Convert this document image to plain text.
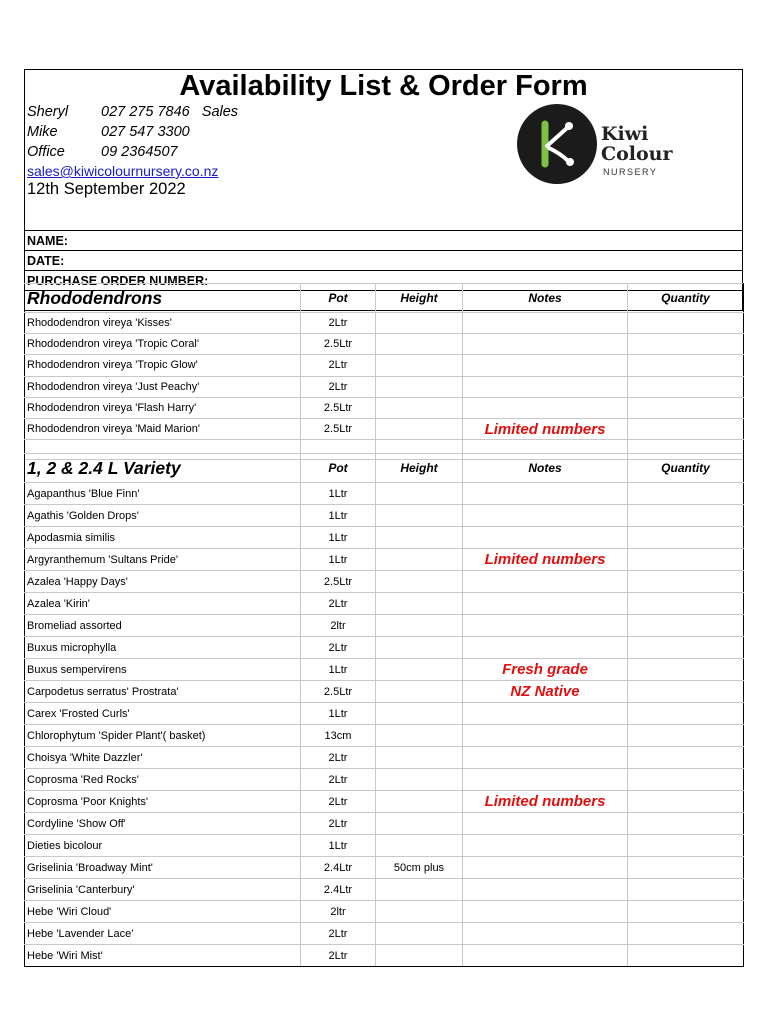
Availability List & Order Form
Sheryl 027 275 7846   Sales
Mike	027 547 3300
Office 09 2364507
sales@kiwicolournursery.co.nz
12th September 2022
Kiwi
Colour
NURSERY
NAME:
DATE:
PURCHASE ORDER NUMBER:
Rhododendrons	Pot	Height	Notes	Quantity
Rhododendron vireya 'Kisses'	2Ltr			
Rhododendron vireya 'Tropic Coral'	2.5Ltr			
Rhododendron vireya 'Tropic Glow'	2Ltr			
Rhododendron vireya 'Just Peachy'	2Ltr			
Rhododendron vireya 'Flash Harry'	2.5Ltr			
Rhododendron vireya 'Maid Marion'	2.5Ltr		Limited numbers	

1, 2 & 2.4 L Variety	Pot	Height	Notes	Quantity
Agapanthus 'Blue Finn'	1Ltr			
Agathis 'Golden Drops'	1Ltr			
Apodasmia similis	1Ltr			
Argyranthemum 'Sultans Pride'	1Ltr		Limited numbers	
Azalea 'Happy Days'	2.5Ltr			
Azalea 'Kirin'	2Ltr			
Bromeliad assorted	2ltr			
Buxus microphylla	2Ltr			
Buxus sempervirens	1Ltr		Fresh grade	
Carpodetus serratus' Prostrata'	2.5Ltr		NZ Native	
Carex 'Frosted Curls'	1Ltr			
Chlorophytum 'Spider Plant'( basket)	13cm			
Choisya 'White Dazzler'	2Ltr			
Coprosma 'Red Rocks'	2Ltr			
Coprosma 'Poor Knights'	2Ltr		Limited numbers	
Cordyline 'Show Off'	2Ltr			
Dieties bicolour	1Ltr			
Griselinia 'Broadway Mint'	2.4Ltr	50cm plus		
Griselinia 'Canterbury'	2.4Ltr			
Hebe 'Wiri Cloud'	2ltr			
Hebe 'Lavender Lace'	2Ltr			
Hebe 'Wiri Mist'	2Ltr			
